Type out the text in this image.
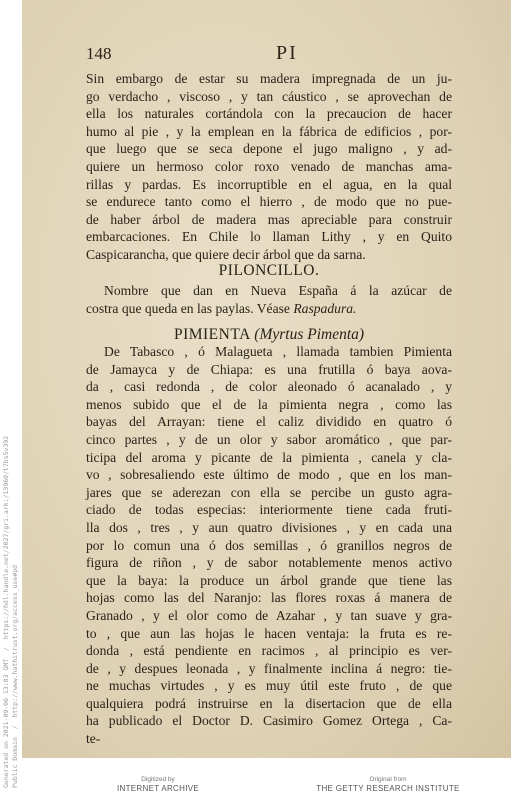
Generated on 2021-09-06 13:03 GMT  /  https://hdl.handle.net/2027/gri.ark:/13960/t7bs5v392
Public Domain  /  http://www.hathitrust.org/access_use#pd
148	PI
Sin embargo de estar su madera impregnada de un ju-
go verdacho , viscoso , y tan cáustico , se aprovechan de
ella los naturales cortándola con la precaucion de hacer
humo al pie , y la emplean en la fábrica de edificios , por-
que luego que se seca depone el jugo maligno , y ad-
quiere un hermoso color roxo venado de manchas ama-
rillas y pardas. Es incorruptible en el agua, en la qual
se endurece tanto como el hierro , de modo que no pue-
de haber árbol de madera mas apreciable para construir
embarcaciones. En Chile lo llaman Lithy , y en Quito
Caspicarancha, que quiere decir árbol que da sarna.
PILONCILLO.
Nombre que dan en Nueva España á la azúcar de
costra que queda en las paylas. Véase Raspadura.
PIMIENTA (Myrtus Pimenta)
De Tabasco , ó Malagueta , llamada tambien Pimienta
de Jamayca y de Chiapa: es una frutilla ó baya aova-
da , casi redonda , de color aleonado ó acanalado , y
menos subido que el de la pimienta negra , como las
bayas del Arrayan: tiene el caliz dividido en quatro ó
cinco partes , y de un olor y sabor aromático , que par-
ticipa del aroma y picante de la pimienta , canela y cla-
vo , sobresaliendo este último de modo , que en los man-
jares que se aderezan con ella se percibe un gusto agra-
ciado de todas especias: interiormente tiene cada fruti-
lla dos , tres , y aun quatro divisiones , y en cada una
por lo comun una ó dos semillas , ó granillos negros de
figura de riñon , y de sabor notablemente menos activo
que la baya: la produce un árbol grande que tiene las
hojas como las del Naranjo: las flores roxas á manera de
Granado , y el olor como de Azahar , y tan suave y gra-
to , que aun las hojas le hacen ventaja: la fruta es re-
donda , está pendiente en racimos , al principio es ver-
de , y despues leonada , y finalmente inclina á negro: tie-
ne muchas virtudes , y es muy útil este fruto , de que
qualquiera podrá instruirse en la disertacion que de ella
ha publicado el Doctor D. Casimiro Gomez Ortega , Ca-
te-
Digitized by
INTERNET ARCHIVE
Original from
THE GETTY RESEARCH INSTITUTE
